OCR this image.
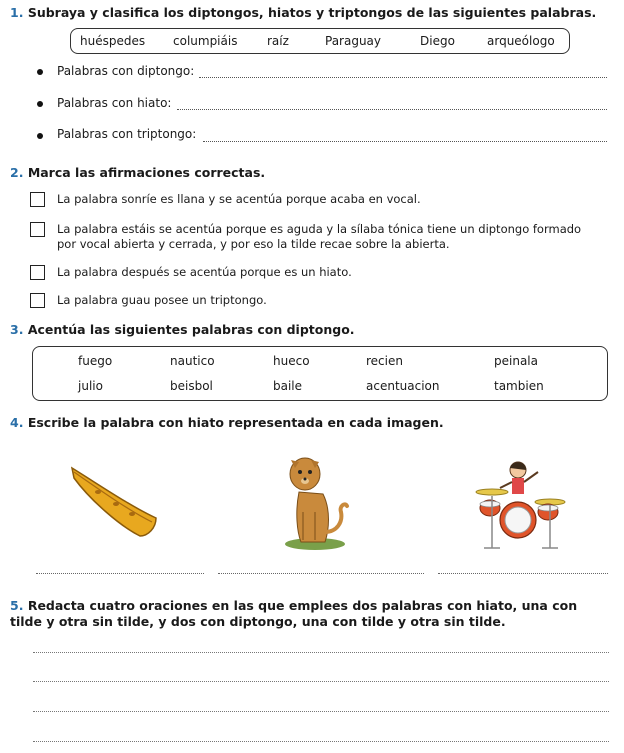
1. Subraya y clasifica los diptongos, hiatos y triptongos de las siguientes palabras.
huéspedes columpiáis raíz	Paraguay	Diego	arqueólogo
Palabras con diptongo:
Palabras con hiato:
Palabras con triptongo:
2. Marca las afirmaciones correctas.
La palabra sonríe es llana y se acentúa porque acaba en vocal.
La palabra estáis se acentúa porque es aguda y la sílaba tónica tiene un diptongo formado por vocal abierta y cerrada, y por eso la tilde recae sobre la abierta.
La palabra después se acentúa porque es un hiato.
La palabra guau posee un triptongo.
3. Acentúa las siguientes palabras con diptongo.
fuego	nautico	hueco	recien	peinala
julio	beisbol	baile	acentuacion	tambien
4. Escribe la palabra con hiato representada en cada imagen.
5. Redacta cuatro oraciones en las que emplees dos palabras con hiato, una con tilde y otra sin tilde, y dos con diptongo, una con tilde y otra sin tilde.
